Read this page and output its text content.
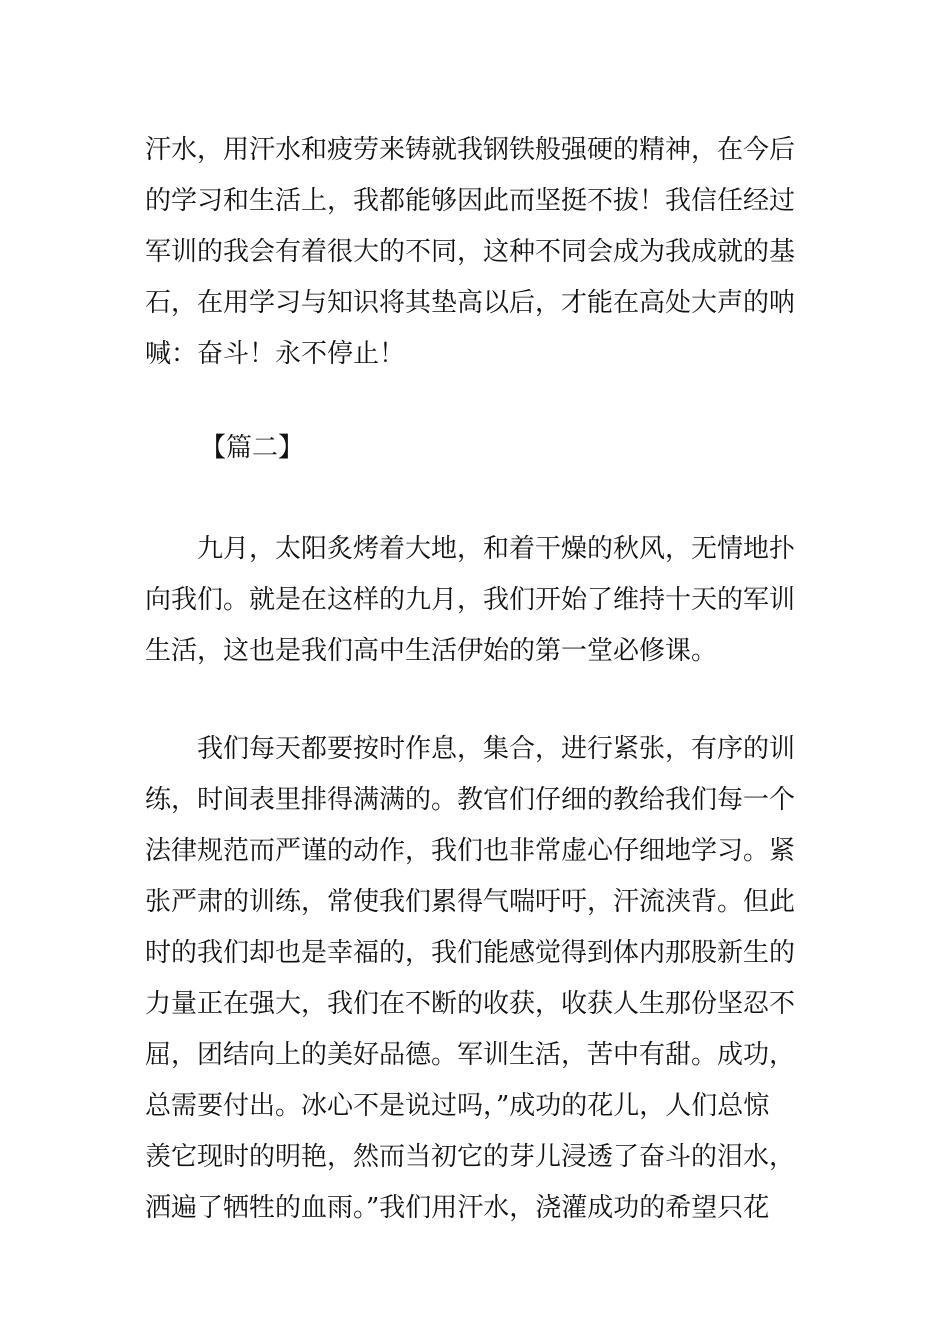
汗水，用汗水和疲劳来铸就我钢铁般强硬的精神，在今后
的学习和生活上，我都能够因此而坚挺不拔！我信任经过
军训的我会有着很大的不同，这种不同会成为我成就的基
石，在用学习与知识将其垫高以后，才能在高处大声的呐
喊：奋斗！永不停止！
【篇二】
　　九月，太阳炙烤着大地，和着干燥的秋风，无情地扑
向我们。就是在这样的九月，我们开始了维持十天的军训
生活，这也是我们高中生活伊始的第一堂必修课。
　　我们每天都要按时作息，集合，进行紧张，有序的训
练，时间表里排得满满的。教官们仔细的教给我们每一个
法律规范而严谨的动作，我们也非常虚心仔细地学习。紧
张严肃的训练，常使我们累得气喘吁吁，汗流浃背。但此
时的我们却也是幸福的，我们能感觉得到体内那股新生的
力量正在强大，我们在不断的收获，收获人生那份坚忍不
屈，团结向上的美好品德。军训生活，苦中有甜。成功，
总需要付出。冰心不是说过吗，”成功的花儿，人们总惊
羡它现时的明艳，然而当初它的芽儿浸透了奋斗的泪水，
洒遍了牺牲的血雨。”我们用汗水，浇灌成功的希望只花
